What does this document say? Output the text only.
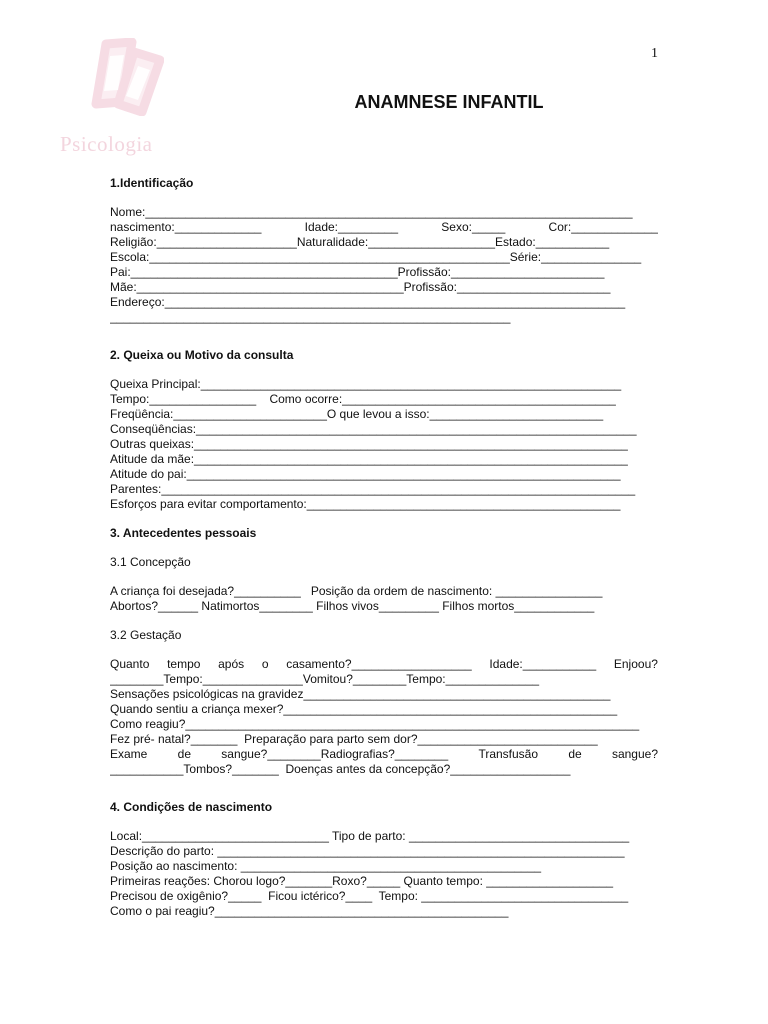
1
Psicologia
ANAMNESE INFANTIL
1.Identificação
Nome:_________________________________________________________________________
nascimento:_____________	Idade:_________	Sexo:_____	Cor:_____________
Religião:_____________________Naturalidade:___________________Estado:___________
Escola:______________________________________________________Série:_______________
Pai:________________________________________Profissão:_______________________
Mãe:________________________________________Profissão:_______________________
Endereço:_____________________________________________________________________
____________________________________________________________
2. Queixa ou Motivo da consulta
Queixa Principal:_______________________________________________________________
Tempo:________________    Como ocorre:_________________________________________
Freqüência:_______________________O que levou a isso:__________________________
Conseqüências:__________________________________________________________________
Outras queixas:_________________________________________________________________
Atitude da mãe:_________________________________________________________________
Atitude do pai:_________________________________________________________________
Parentes:_______________________________________________________________________
Esforços para evitar comportamento:_______________________________________________
3. Antecedentes pessoais
3.1 Concepção
A criança foi desejada?__________   Posição da ordem de nascimento: ________________
Abortos?______ Natimortos________ Filhos vivos_________ Filhos mortos____________
3.2 Gestação
Quanto tempo após o casamento?__________________ Idade:___________ Enjoou?
________Tempo:_______________Vomitou?________Tempo:______________
Sensações psicológicas na gravidez______________________________________________
Quando sentiu a criança mexer?__________________________________________________
Como reagiu?____________________________________________________________________
Fez pré- natal?_______  Preparação para parto sem dor?___________________________
Exame	de	sangue?________Radiografias?________	Transfusão	de	sangue?
___________Tombos?_______  Doenças antes da concepção?__________________
4. Condições de nascimento
Local:____________________________ Tipo de parto: _________________________________
Descrição do parto: _____________________________________________________________
Posição ao nascimento: _____________________________________________
Primeiras reações: Chorou logo?_______Roxo?_____ Quanto tempo: ___________________
Precisou de oxigênio?_____  Ficou ictérico?____  Tempo: _______________________________
Como o pai reagiu?____________________________________________
